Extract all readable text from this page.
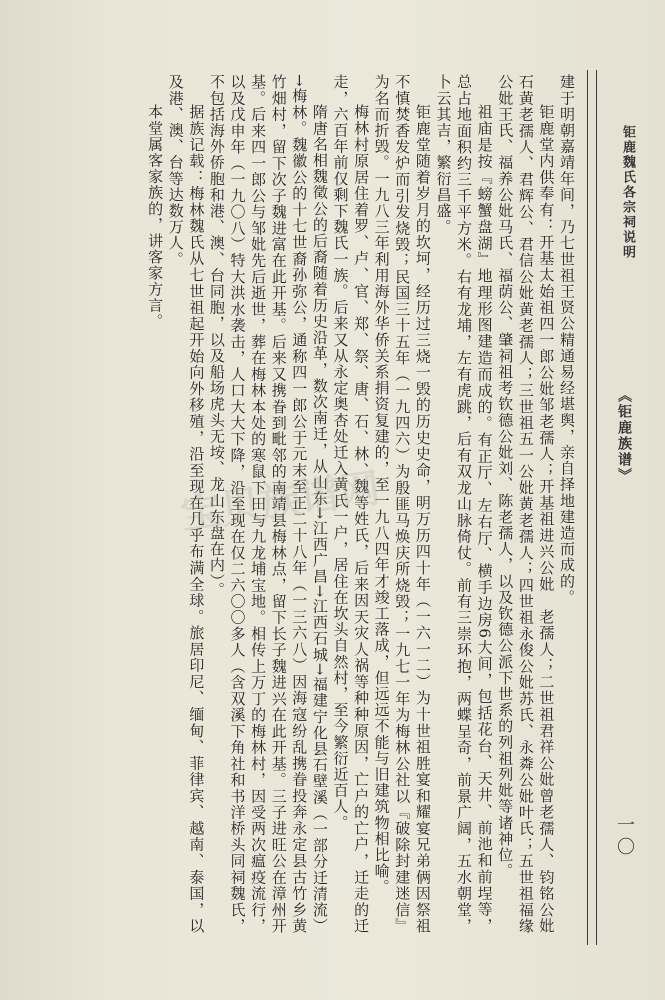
钜鹿魏氏各宗祠说明
《钜鹿族谱》
一〇

建于明朝嘉靖年间，乃七世祖王贤公精通易经堪舆，亲自择地建造而成的。

钜鹿堂内供奉有：开基太始祖四一郎公妣邹老孺人；开基祖进兴公妣　老孺人；二世祖君祥公妣曾老孺人、钧铭公妣石黄老孺人、君辉公、君信公妣黄老孺人；三世祖五一公妣黄老孺人；四世祖永俊公妣苏氏、永粦公妣叶氏；五世祖福缘公妣王氏、福养公妣马氏、福荫公、肇祠祖考钦德公妣刘、陈老孺人，以及钦德公派下世系的列祖列妣等诸神位。

祖庙是按『螃蟹盘湖』地理形图建造而成的。有正厅、左右厅、横手边房6大间，包括花台、天井、前池和前埕等，总占地面积约三千平方米。右有龙埔，左有虎跳，后有双龙山脉倚仗。前有三崇环抱，两蝶呈奇，前景广阔，五水朝堂，卜云其吉，繁衍昌盛。

钜鹿堂随着岁月的坎坷，经历过三烧一毁的历史史命，明万历四十年（一六一二）为十世祖胜宴和耀宴兄弟俩因祭祖不慎焚香发炉而引发烧毁；民国三十五年（一九四六）为殷匪马焕庆所烧毁；一九七一年为梅林公社以『破除封建迷信』为名而折毁。一九八三年利用海外华侨关系捐资复建的，至一九八四年才竣工落成，但远远不能与旧建筑物相比喻。

梅林村原居住着罗、卢、官、郑、祭、唐、石、林、魏等姓氏，后来因天灾人祸等种种原因，亡户的亡户，迁走的迁走，六百年前仅剩下魏氏一族。后来又从永定奥杏处迁入黄氏一户，居住在坎头自然村，至今繁衍近百人。

隋唐名相魏徵公的后裔随着历史沿革，数次南迁，从山东→江西广昌→江西石城→福建宁化县石壁溪（一部分迁清流）→梅林。魏徽公的十七世裔孙弥公，通称四一郎公于元末至正二十八年（一三六八）因海寇纷乱携眷投奔永定县古竹乡黄竹畑村，留下次子魏进富在此开基。后来又携眷到毗邻的南靖县梅林点，留下长子魏进兴在此开基。三子进旺公在漳州开基。后来四一郎公与邹妣先后逝世，葬在梅林本处的寒鼠下田与九龙埔宝地。相传上万丁的梅林村，因受两次瘟疫流行，以及戊申年（一九〇八）特大洪水袭击，人口大大下降，沿至现在仅二六〇〇多人（含双溪下角社和书洋桥头同祠魏氏，不包括海外侨胞和港、澳、台同胞，以及船场虎头无垵、龙山东盘在内）。

据族记载：梅林魏氏从七世祖起开始向外移殖，沿至现在几乎布满全球。旅居印尼、缅甸、菲律宾、越南、泰国，以及港、澳、台等达数万人。

本堂属客家族的，讲客家方言。

宝贝族谱网
